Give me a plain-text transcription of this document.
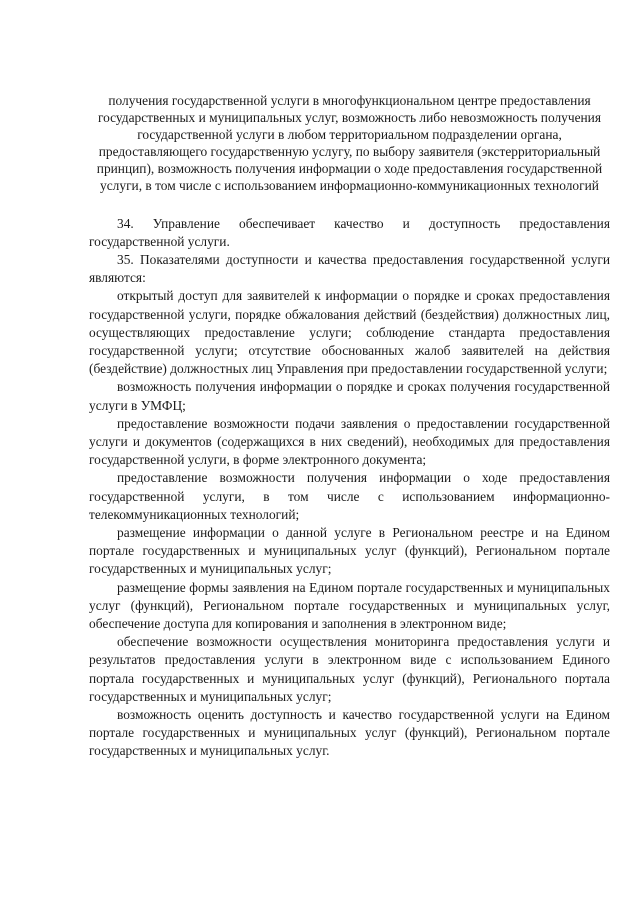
получения государственной услуги в многофункциональном центре предоставления государственных и муниципальных услуг, возможность либо невозможность получения государственной услуги в любом территориальном подразделении органа, предоставляющего государственную услугу, по выбору заявителя (экстерриториальный принцип), возможность получения информации о ходе предоставления государственной услуги, в том числе с использованием информационно-коммуникационных технологий

34. Управление обеспечивает качество и доступность предоставления государственной услуги.

35. Показателями доступности и качества предоставления государственной услуги являются:

открытый доступ для заявителей к информации о порядке и сроках предоставления государственной услуги, порядке обжалования действий (бездействия) должностных лиц, осуществляющих предоставление услуги; соблюдение стандарта предоставления государственной услуги; отсутствие обоснованных жалоб заявителей на действия (бездействие) должностных лиц Управления при предоставлении государственной услуги;

возможность получения информации о порядке и сроках получения государственной услуги в УМФЦ;

предоставление возможности подачи заявления о предоставлении государственной услуги и документов (содержащихся в них сведений), необходимых для предоставления государственной услуги, в форме электронного документа;

предоставление возможности получения информации о ходе предоставления государственной услуги, в том числе с использованием информационно-телекоммуникационных технологий;

размещение информации о данной услуге в Региональном реестре и на Едином портале государственных и муниципальных услуг (функций), Региональном портале государственных и муниципальных услуг;

размещение формы заявления на Едином портале государственных и муниципальных услуг (функций), Региональном портале государственных и муниципальных услуг, обеспечение доступа для копирования и заполнения в электронном виде;

обеспечение возможности осуществления мониторинга предоставления услуги и результатов предоставления услуги в электронном виде с использованием Единого портала государственных и муниципальных услуг (функций), Регионального портала государственных и муниципальных услуг;

возможность оценить доступность и качество государственной услуги на Едином портале государственных и муниципальных услуг (функций), Региональном портале государственных и муниципальных услуг.
